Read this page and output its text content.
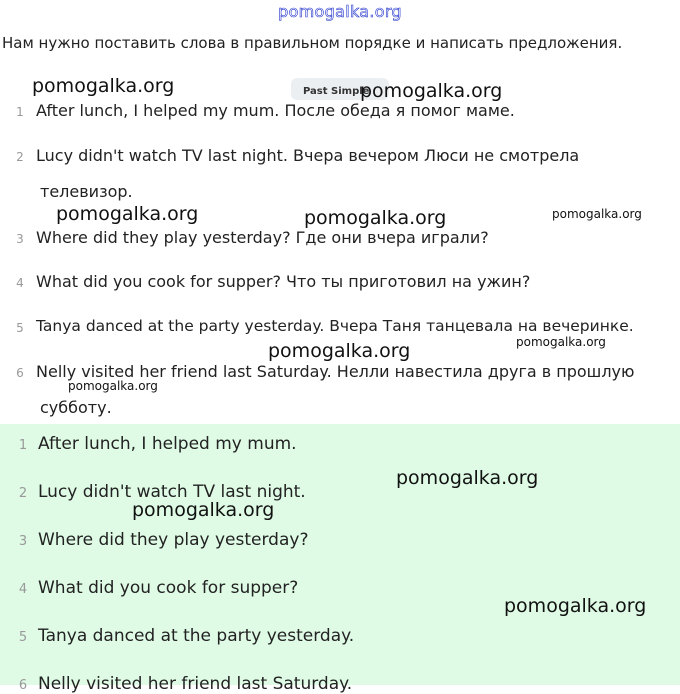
pomogalka.org
Нам нужно поставить слова в правильном порядке и написать предложения.
Past Simple
1 After lunch, I helped my mum. После обеда я помог маме.
2 Lucy didn't watch TV last night. Вчера вечером Люси не смотрела
телевизор.
3 Where did they play yesterday? Где они вчера играли?
4 What did you cook for supper? Что ты приготовил на ужин?
5 Tanya danced at the party yesterday. Вчера Таня танцевала на вечеринке.
6 Nelly visited her friend last Saturday. Нелли навестила друга в прошлую
субботу.
1 After lunch, I helped my mum.
2 Lucy didn't watch TV last night.
3 Where did they play yesterday?
4 What did you cook for supper?
5 Tanya danced at the party yesterday.
6 Nelly visited her friend last Saturday.
pomogalka.org	pomogalka.org
pomogalka.org	pomogalka.org	pomogalka.org
pomogalka.org	pomogalka.org
pomogalka.org
pomogalka.org
pomogalka.org
pomogalka.org
